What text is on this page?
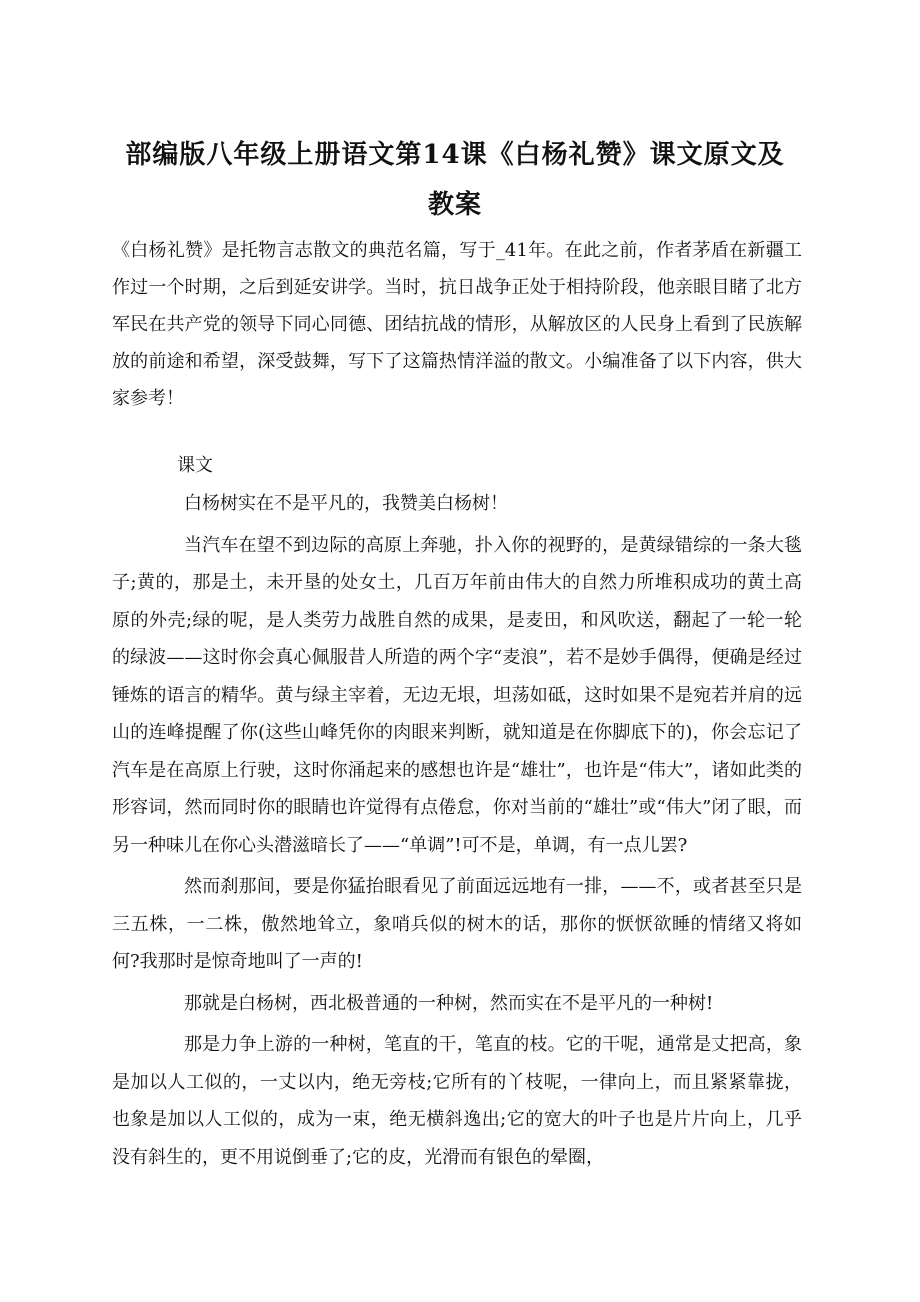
部编版八年级上册语文第14课《白杨礼赞》课文原文及教案

《白杨礼赞》是托物言志散文的典范名篇，写于_41年。在此之前，作者茅盾在新疆工作过一个时期，之后到延安讲学。当时，抗日战争正处于相持阶段，他亲眼目睹了北方军民在共产党的领导下同心同德、团结抗战的情形，从解放区的人民身上看到了民族解放的前途和希望，深受鼓舞，写下了这篇热情洋溢的散文。小编准备了以下内容，供大家参考！

课文

白杨树实在不是平凡的，我赞美白杨树！

当汽车在望不到边际的高原上奔驰，扑入你的视野的，是黄绿错综的一条大毯子;黄的，那是土，未开垦的处女土，几百万年前由伟大的自然力所堆积成功的黄土高原的外壳;绿的呢，是人类劳力战胜自然的成果，是麦田，和风吹送，翻起了一轮一轮的绿波——这时你会真心佩服昔人所造的两个字“麦浪”，若不是妙手偶得，便确是经过锤炼的语言的精华。黄与绿主宰着，无边无垠，坦荡如砥，这时如果不是宛若并肩的远山的连峰提醒了你(这些山峰凭你的肉眼来判断，就知道是在你脚底下的)，你会忘记了汽车是在高原上行驶，这时你涌起来的感想也许是“雄壮”，也许是“伟大”，诸如此类的形容词，然而同时你的眼睛也许觉得有点倦怠，你对当前的“雄壮”或“伟大”闭了眼，而另一种味儿在你心头潜滋暗长了——“单调”!可不是，单调，有一点儿罢?

然而刹那间，要是你猛抬眼看见了前面远远地有一排，——不，或者甚至只是三五株，一二株，傲然地耸立，象哨兵似的树木的话，那你的恹恹欲睡的情绪又将如何?我那时是惊奇地叫了一声的!

那就是白杨树，西北极普通的一种树，然而实在不是平凡的一种树!

那是力争上游的一种树，笔直的干，笔直的枝。它的干呢，通常是丈把高，象是加以人工似的，一丈以内，绝无旁枝;它所有的丫枝呢，一律向上，而且紧紧靠拢，也象是加以人工似的，成为一束，绝无横斜逸出;它的宽大的叶子也是片片向上，几乎没有斜生的，更不用说倒垂了;它的皮，光滑而有银色的晕圈，
